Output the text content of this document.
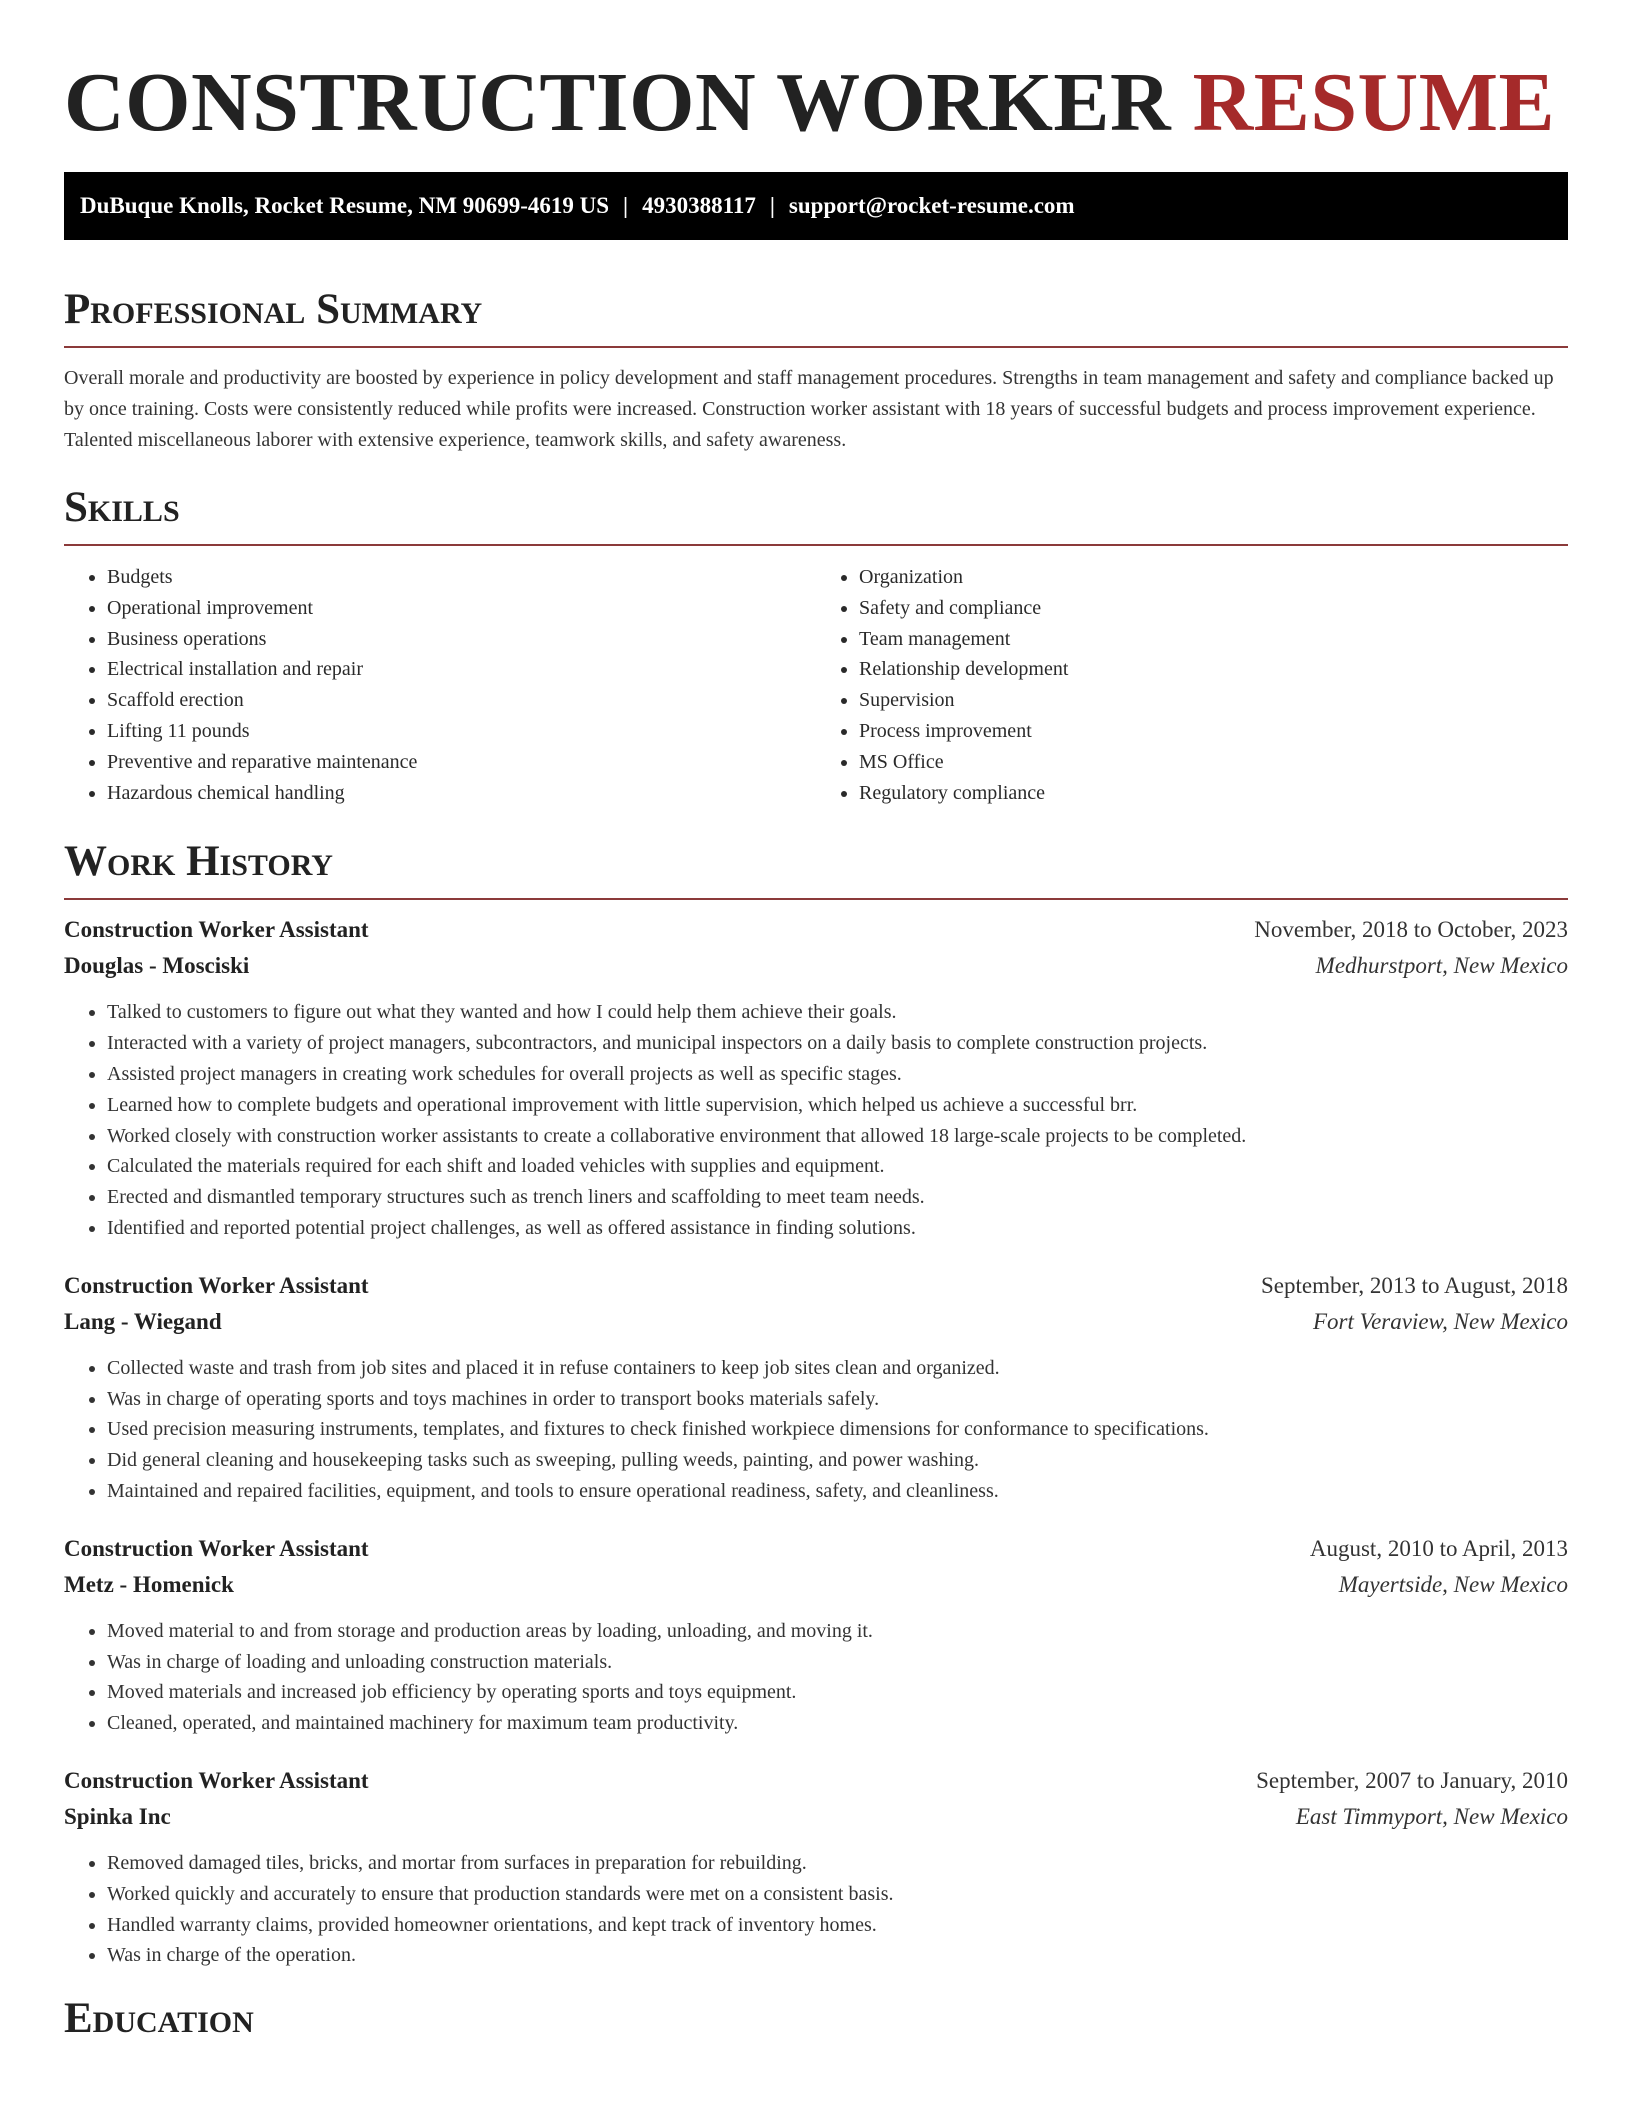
CONSTRUCTION WORKER RESUME
DuBuque Knolls, Rocket Resume, NM 90699-4619 US | 4930388117 | support@rocket-resume.com
Professional Summary

Overall morale and productivity are boosted by experience in policy development and staff management procedures. Strengths in team management and safety and compliance backed up by once training. Costs were consistently reduced while profits were increased. Construction worker assistant with 18 years of successful budgets and process improvement experience. Talented miscellaneous laborer with extensive experience, teamwork skills, and safety awareness.

Skills
• Budgets
• Operational improvement
• Business operations
• Electrical installation and repair
• Scaffold erection
• Lifting 11 pounds
• Preventive and reparative maintenance
• Hazardous chemical handling
• Organization
• Safety and compliance
• Team management
• Relationship development
• Supervision
• Process improvement
• MS Office
• Regulatory compliance
Work History
Construction Worker Assistant	November, 2018 to October, 2023
Douglas - Mosciski	Medhurstport, New Mexico
• Talked to customers to figure out what they wanted and how I could help them achieve their goals.
• Interacted with a variety of project managers, subcontractors, and municipal inspectors on a daily basis to complete construction projects.
• Assisted project managers in creating work schedules for overall projects as well as specific stages.
• Learned how to complete budgets and operational improvement with little supervision, which helped us achieve a successful brr.
• Worked closely with construction worker assistants to create a collaborative environment that allowed 18 large-scale projects to be completed.
• Calculated the materials required for each shift and loaded vehicles with supplies and equipment.
• Erected and dismantled temporary structures such as trench liners and scaffolding to meet team needs.
• Identified and reported potential project challenges, as well as offered assistance in finding solutions.
Construction Worker Assistant	September, 2013 to August, 2018
Lang - Wiegand	Fort Veraview, New Mexico
• Collected waste and trash from job sites and placed it in refuse containers to keep job sites clean and organized.
• Was in charge of operating sports and toys machines in order to transport books materials safely.
• Used precision measuring instruments, templates, and fixtures to check finished workpiece dimensions for conformance to specifications.
• Did general cleaning and housekeeping tasks such as sweeping, pulling weeds, painting, and power washing.
• Maintained and repaired facilities, equipment, and tools to ensure operational readiness, safety, and cleanliness.
Construction Worker Assistant	August, 2010 to April, 2013
Metz - Homenick	Mayertside, New Mexico
• Moved material to and from storage and production areas by loading, unloading, and moving it.
• Was in charge of loading and unloading construction materials.
• Moved materials and increased job efficiency by operating sports and toys equipment.
• Cleaned, operated, and maintained machinery for maximum team productivity.
Construction Worker Assistant	September, 2007 to January, 2010
Spinka Inc	East Timmyport, New Mexico
• Removed damaged tiles, bricks, and mortar from surfaces in preparation for rebuilding.
• Worked quickly and accurately to ensure that production standards were met on a consistent basis.
• Handled warranty claims, provided homeowner orientations, and kept track of inventory homes.
• Was in charge of the operation.
Education
